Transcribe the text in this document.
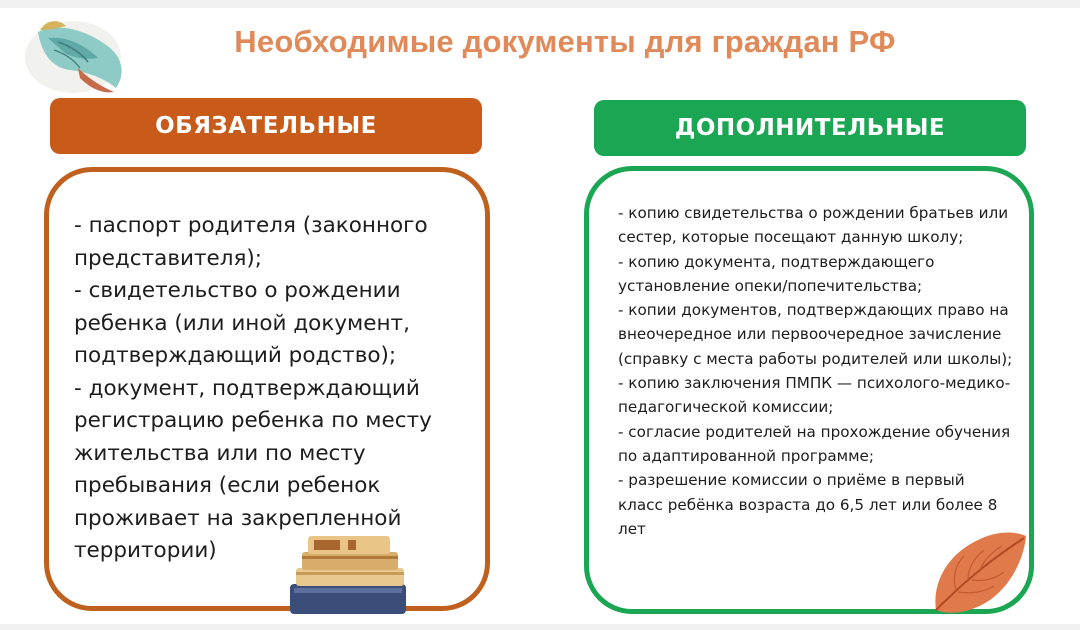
Необходимые документы для граждан РФ
ОБЯЗАТЕЛЬНЫЕ	ДОПОЛНИТЕЛЬНЫЕ
- паспорт родителя (законного представителя);
- свидетельство о рождении ребенка (или иной документ, подтверждающий родство);
- документ, подтверждающий регистрацию ребенка по месту жительства или по месту пребывания (если ребенок проживает на закрепленной территории)
- копию свидетельства о рождении братьев или сестер, которые посещают данную школу;
- копию документа, подтверждающего установление опеки/попечительства;
- копии документов, подтверждающих право на внеочередное или первоочередное зачисление (справку с места работы родителей или школы);
- копию заключения ПМПК — психолого-медико-педагогической комиссии;
- согласие родителей на прохождение обучения по адаптированной программе;
- разрешение комиссии о приёме в первый класс ребёнка возраста до 6,5 лет или более 8 лет
